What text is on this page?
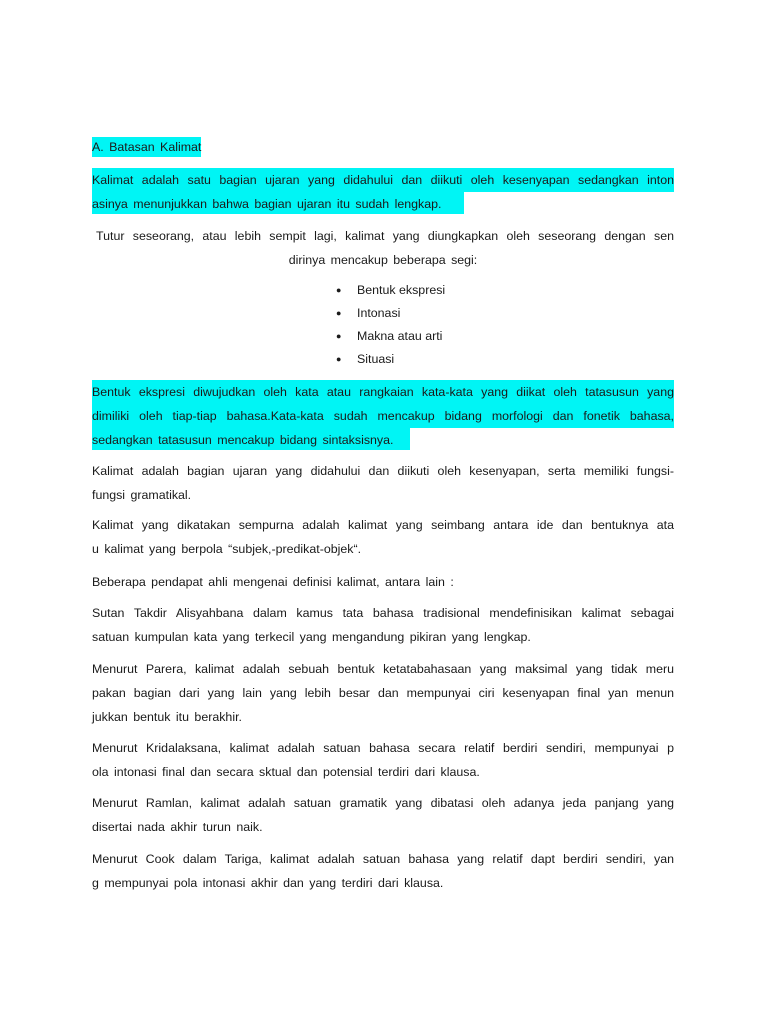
A. Batasan Kalimat
Kalimat adalah satu bagian ujaran yang didahului dan diikuti oleh kesenyapan sedangkan inton
asinya menunjukkan bahwa bagian ujaran itu sudah lengkap.
Tutur seseorang, atau lebih sempit lagi, kalimat yang diungkapkan oleh seseorang dengan sen
dirinya mencakup beberapa segi:
● Bentuk ekspresi
● Intonasi
● Makna atau arti
● Situasi
Bentuk ekspresi diwujudkan oleh kata atau rangkaian kata-kata yang diikat oleh tatasusun yang
dimiliki oleh tiap-tiap bahasa.Kata-kata sudah mencakup bidang morfologi dan fonetik bahasa,
sedangkan tatasusun mencakup bidang sintaksisnya.
Kalimat adalah bagian ujaran yang didahului dan diikuti oleh kesenyapan, serta memiliki fungsi-
fungsi gramatikal.
Kalimat yang dikatakan sempurna adalah kalimat yang seimbang antara ide dan bentuknya ata
u kalimat yang berpola “subjek,-predikat-objek“.
Beberapa pendapat ahli mengenai definisi kalimat, antara lain :
Sutan Takdir Alisyahbana dalam kamus tata bahasa tradisional mendefinisikan kalimat sebagai
satuan kumpulan kata yang terkecil yang mengandung pikiran yang lengkap.
Menurut Parera, kalimat adalah sebuah bentuk ketatabahasaan yang maksimal yang tidak meru
pakan bagian dari yang lain yang lebih besar dan mempunyai ciri kesenyapan final yan menun
jukkan bentuk itu berakhir.
Menurut Kridalaksana, kalimat adalah satuan bahasa secara relatif berdiri sendiri, mempunyai p
ola intonasi final dan secara sktual dan potensial terdiri dari klausa.
Menurut Ramlan, kalimat adalah satuan gramatik yang dibatasi oleh adanya jeda panjang yang
disertai nada akhir turun naik.
Menurut Cook dalam Tariga, kalimat adalah satuan bahasa yang relatif dapt berdiri sendiri, yan
g mempunyai pola intonasi akhir dan yang terdiri dari klausa.
